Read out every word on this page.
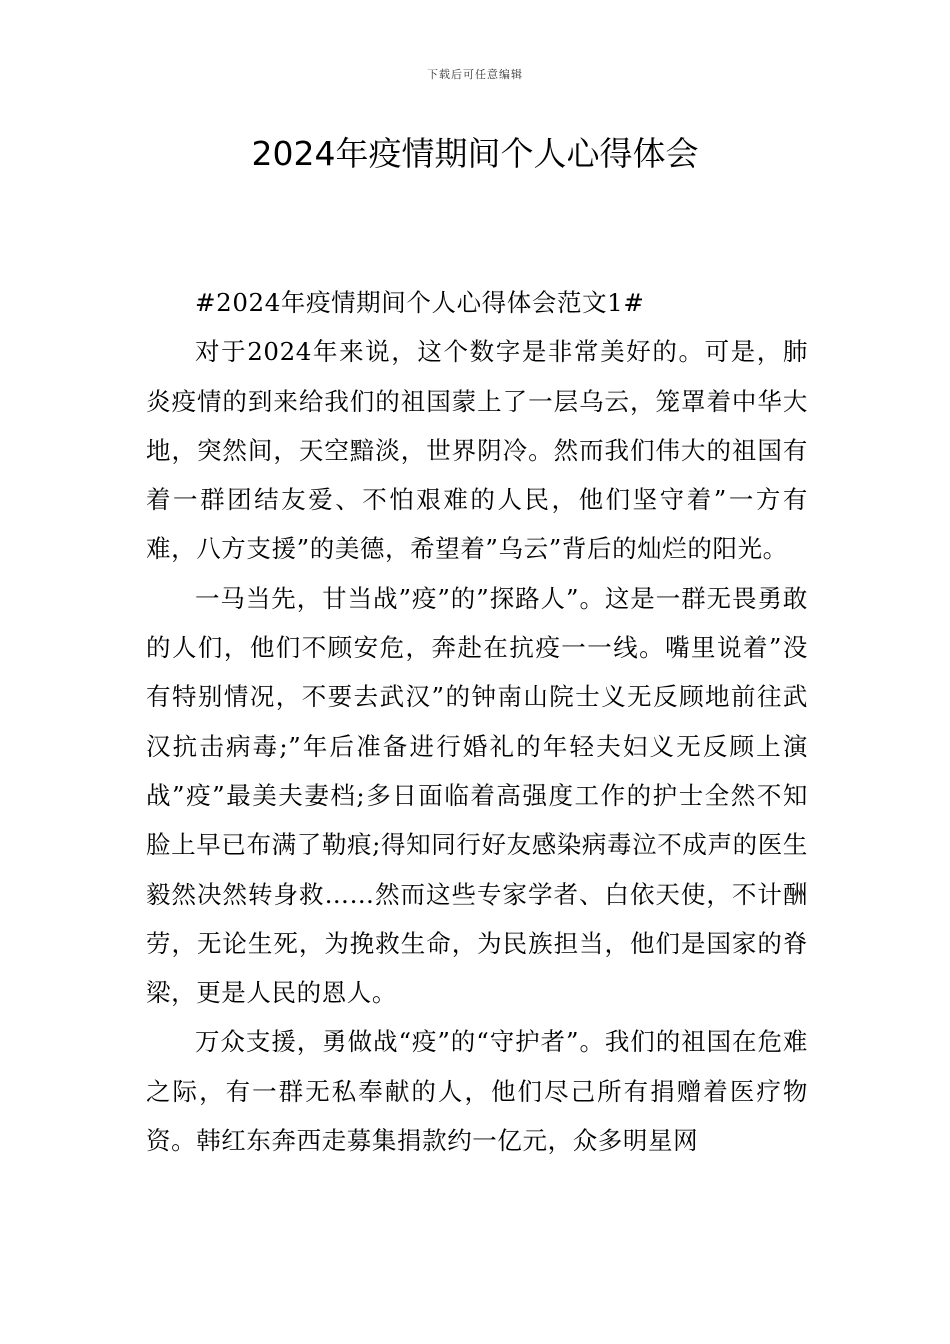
下载后可任意编辑
2024年疫情期间个人心得体会

#2024年疫情期间个人心得体会范文1#

对于2024年来说，这个数字是非常美好的。可是，肺炎疫情的到来给我们的祖国蒙上了一层乌云，笼罩着中华大地，突然间，天空黯淡，世界阴冷。然而我们伟大的祖国有着一群团结友爱、不怕艰难的人民，他们坚守着”一方有难，八方支援”的美德，希望着”乌云”背后的灿烂的阳光。

一马当先，甘当战”疫”的”探路人”。这是一群无畏勇敢的人们，他们不顾安危，奔赴在抗疫一一线。嘴里说着”没有特别情况，不要去武汉”的钟南山院士义无反顾地前往武汉抗击病毒;”年后准备进行婚礼的年轻夫妇义无反顾上演战”疫”最美夫妻档;多日面临着高强度工作的护士全然不知脸上早已布满了勒痕;得知同行好友感染病毒泣不成声的医生毅然决然转身救……然而这些专家学者、白依天使，不计酬劳，无论生死，为挽救生命，为民族担当，他们是国家的脊梁，更是人民的恩人。

万众支援，勇做战“疫”的“守护者”。我们的祖国在危难之际，有一群无私奉献的人，他们尽己所有捐赠着医疗物资。韩红东奔西走募集捐款约一亿元，众多明星网
